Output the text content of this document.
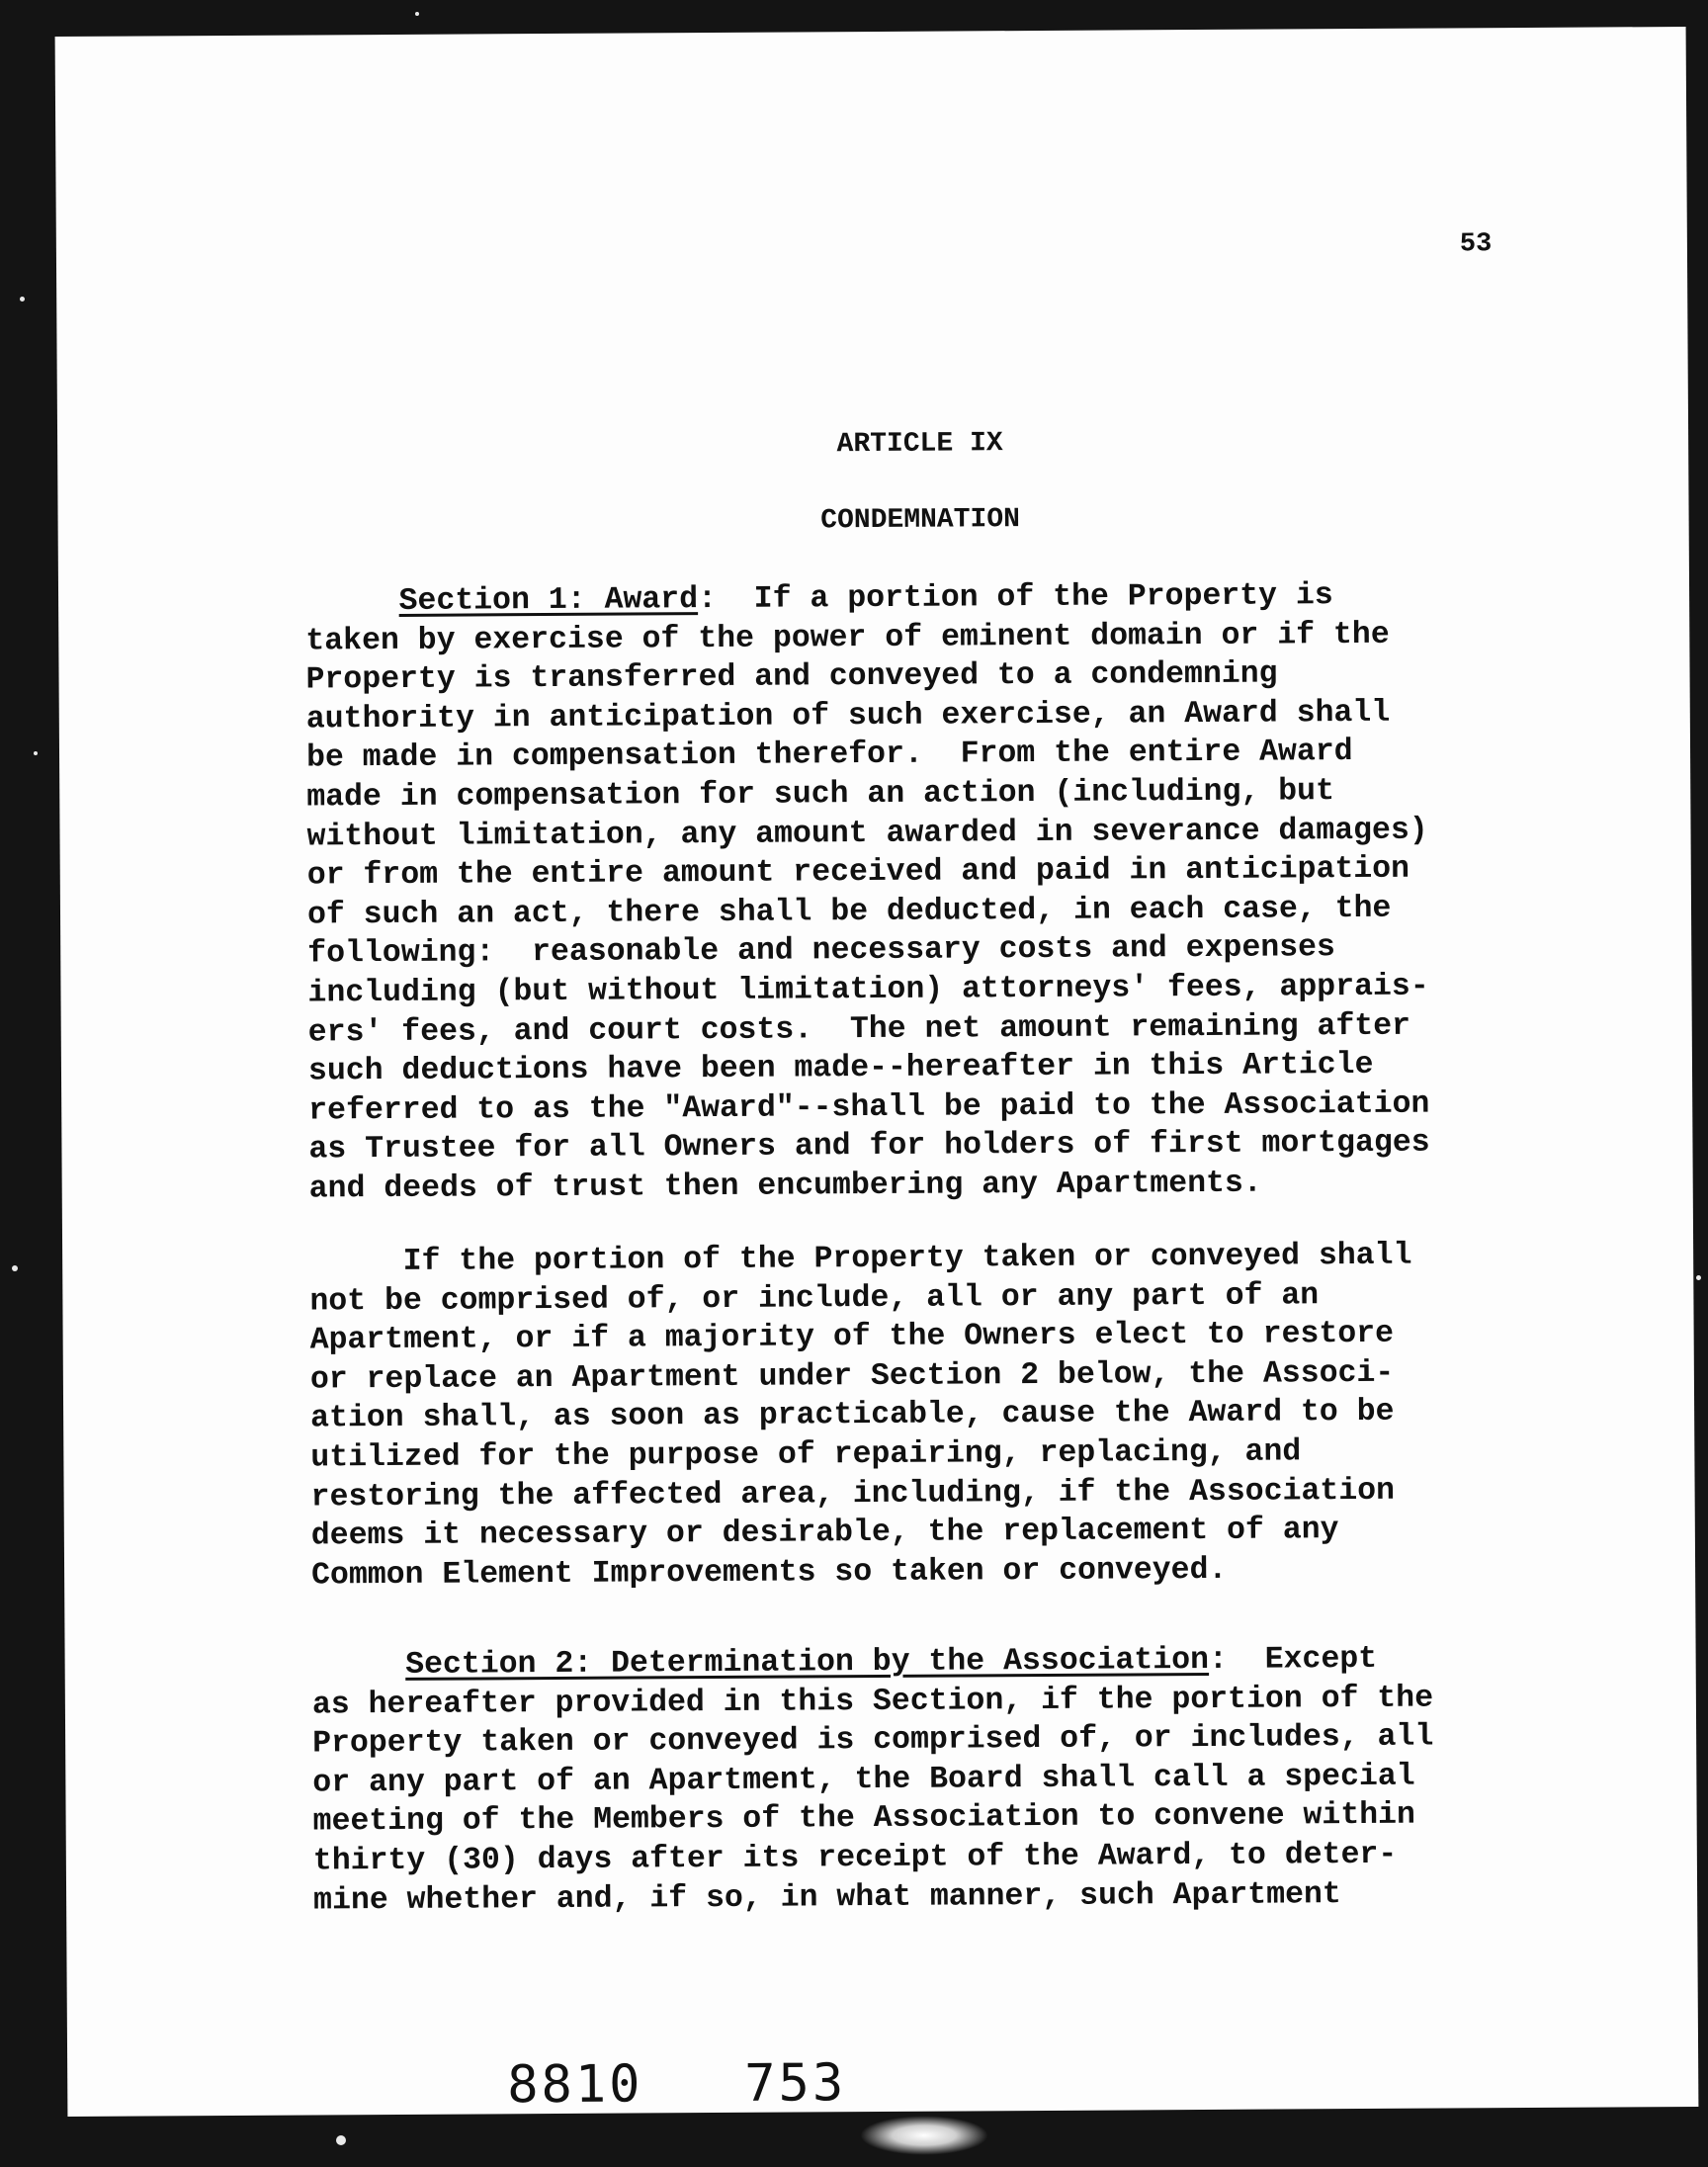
53
ARTICLE IX
CONDEMNATION
Section 1: Award:  If a portion of the Property is
taken by exercise of the power of eminent domain or if the
Property is transferred and conveyed to a condemning
authority in anticipation of such exercise, an Award shall
be made in compensation therefor.  From the entire Award
made in compensation for such an action (including, but
without limitation, any amount awarded in severance damages)
or from the entire amount received and paid in anticipation
of such an act, there shall be deducted, in each case, the
following:  reasonable and necessary costs and expenses
including (but without limitation) attorneys' fees, apprais-
ers' fees, and court costs.  The net amount remaining after
such deductions have been made--hereafter in this Article
referred to as the "Award"--shall be paid to the Association
as Trustee for all Owners and for holders of first mortgages
and deeds of trust then encumbering any Apartments.
If the portion of the Property taken or conveyed shall
not be comprised of, or include, all or any part of an
Apartment, or if a majority of the Owners elect to restore
or replace an Apartment under Section 2 below, the Associ-
ation shall, as soon as practicable, cause the Award to be
utilized for the purpose of repairing, replacing, and
restoring the affected area, including, if the Association
deems it necessary or desirable, the replacement of any
Common Element Improvements so taken or conveyed.
Section 2: Determination by the Association:  Except
as hereafter provided in this Section, if the portion of the
Property taken or conveyed is comprised of, or includes, all
or any part of an Apartment, the Board shall call a special
meeting of the Members of the Association to convene within
thirty (30) days after its receipt of the Award, to deter-
mine whether and, if so, in what manner, such Apartment
8810 753
